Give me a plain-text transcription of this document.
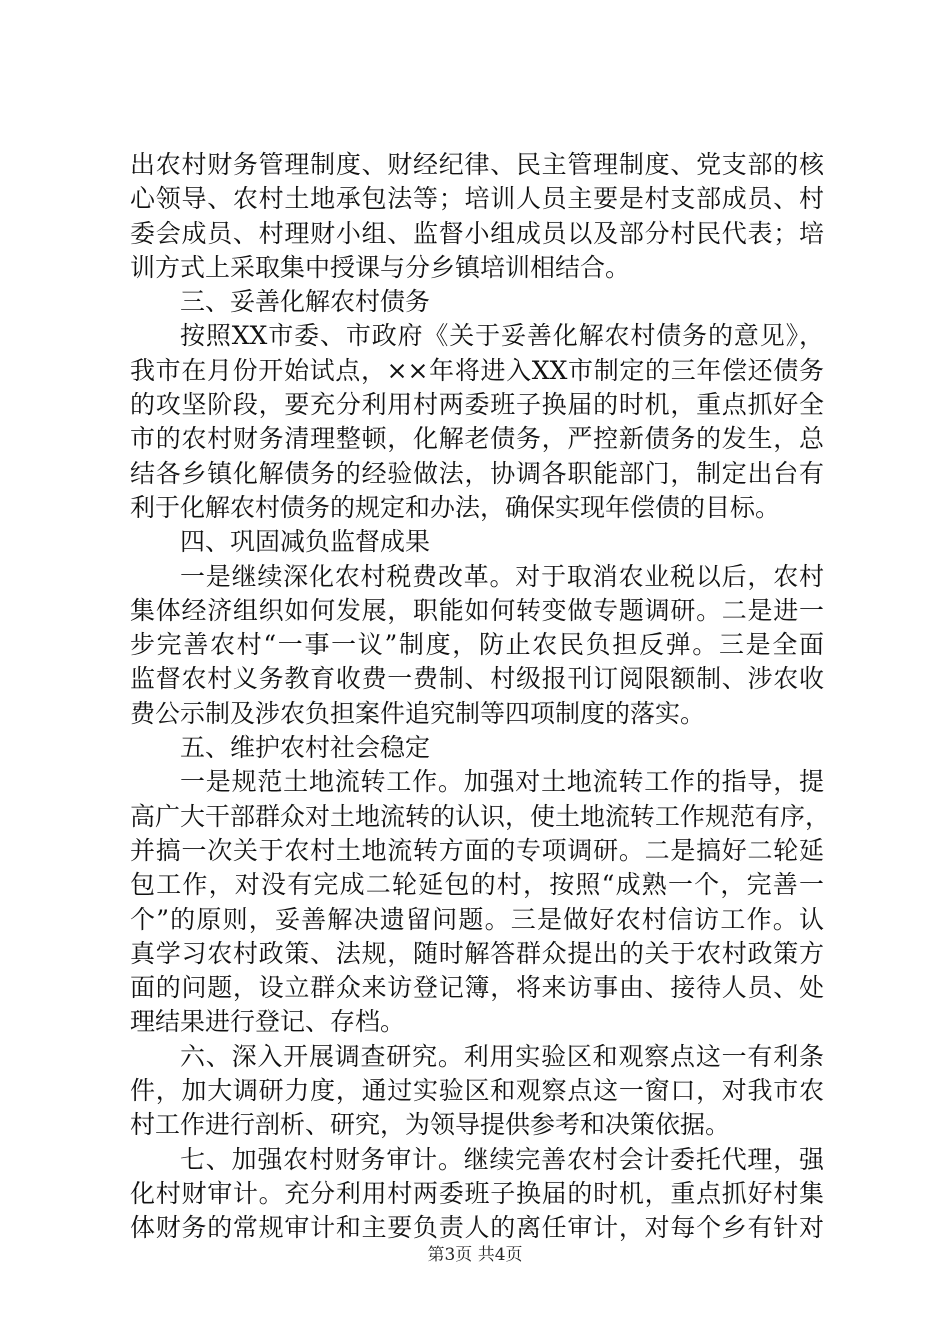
出农村财务管理制度、财经纪律、民主管理制度、党支部的核
心领导、农村土地承包法等；培训人员主要是村支部成员、村
委会成员、村理财小组、监督小组成员以及部分村民代表；培
训方式上采取集中授课与分乡镇培训相结合。
三、妥善化解农村债务
按照XX市委、市政府《关于妥善化解农村债务的意见》，
我市在月份开始试点，××年将进入XX市制定的三年偿还债务
的攻坚阶段，要充分利用村两委班子换届的时机，重点抓好全
市的农村财务清理整顿，化解老债务，严控新债务的发生，总
结各乡镇化解债务的经验做法，协调各职能部门，制定出台有
利于化解农村债务的规定和办法，确保实现年偿债的目标。
四、巩固减负监督成果
一是继续深化农村税费改革。对于取消农业税以后，农村
集体经济组织如何发展，职能如何转变做专题调研。二是进一
步完善农村“一事一议”制度，防止农民负担反弹。三是全面
监督农村义务教育收费一费制、村级报刊订阅限额制、涉农收
费公示制及涉农负担案件追究制等四项制度的落实。
五、维护农村社会稳定
一是规范土地流转工作。加强对土地流转工作的指导，提
高广大干部群众对土地流转的认识，使土地流转工作规范有序，
并搞一次关于农村土地流转方面的专项调研。二是搞好二轮延
包工作，对没有完成二轮延包的村，按照“成熟一个，完善一
个”的原则，妥善解决遗留问题。三是做好农村信访工作。认
真学习农村政策、法规，随时解答群众提出的关于农村政策方
面的问题，设立群众来访登记簿，将来访事由、接待人员、处
理结果进行登记、存档。
六、深入开展调查研究。利用实验区和观察点这一有利条
件，加大调研力度，通过实验区和观察点这一窗口，对我市农
村工作进行剖析、研究，为领导提供参考和决策依据。
七、加强农村财务审计。继续完善农村会计委托代理，强
化村财审计。充分利用村两委班子换届的时机，重点抓好村集
体财务的常规审计和主要负责人的离任审计，对每个乡有针对
第3页 共4页
